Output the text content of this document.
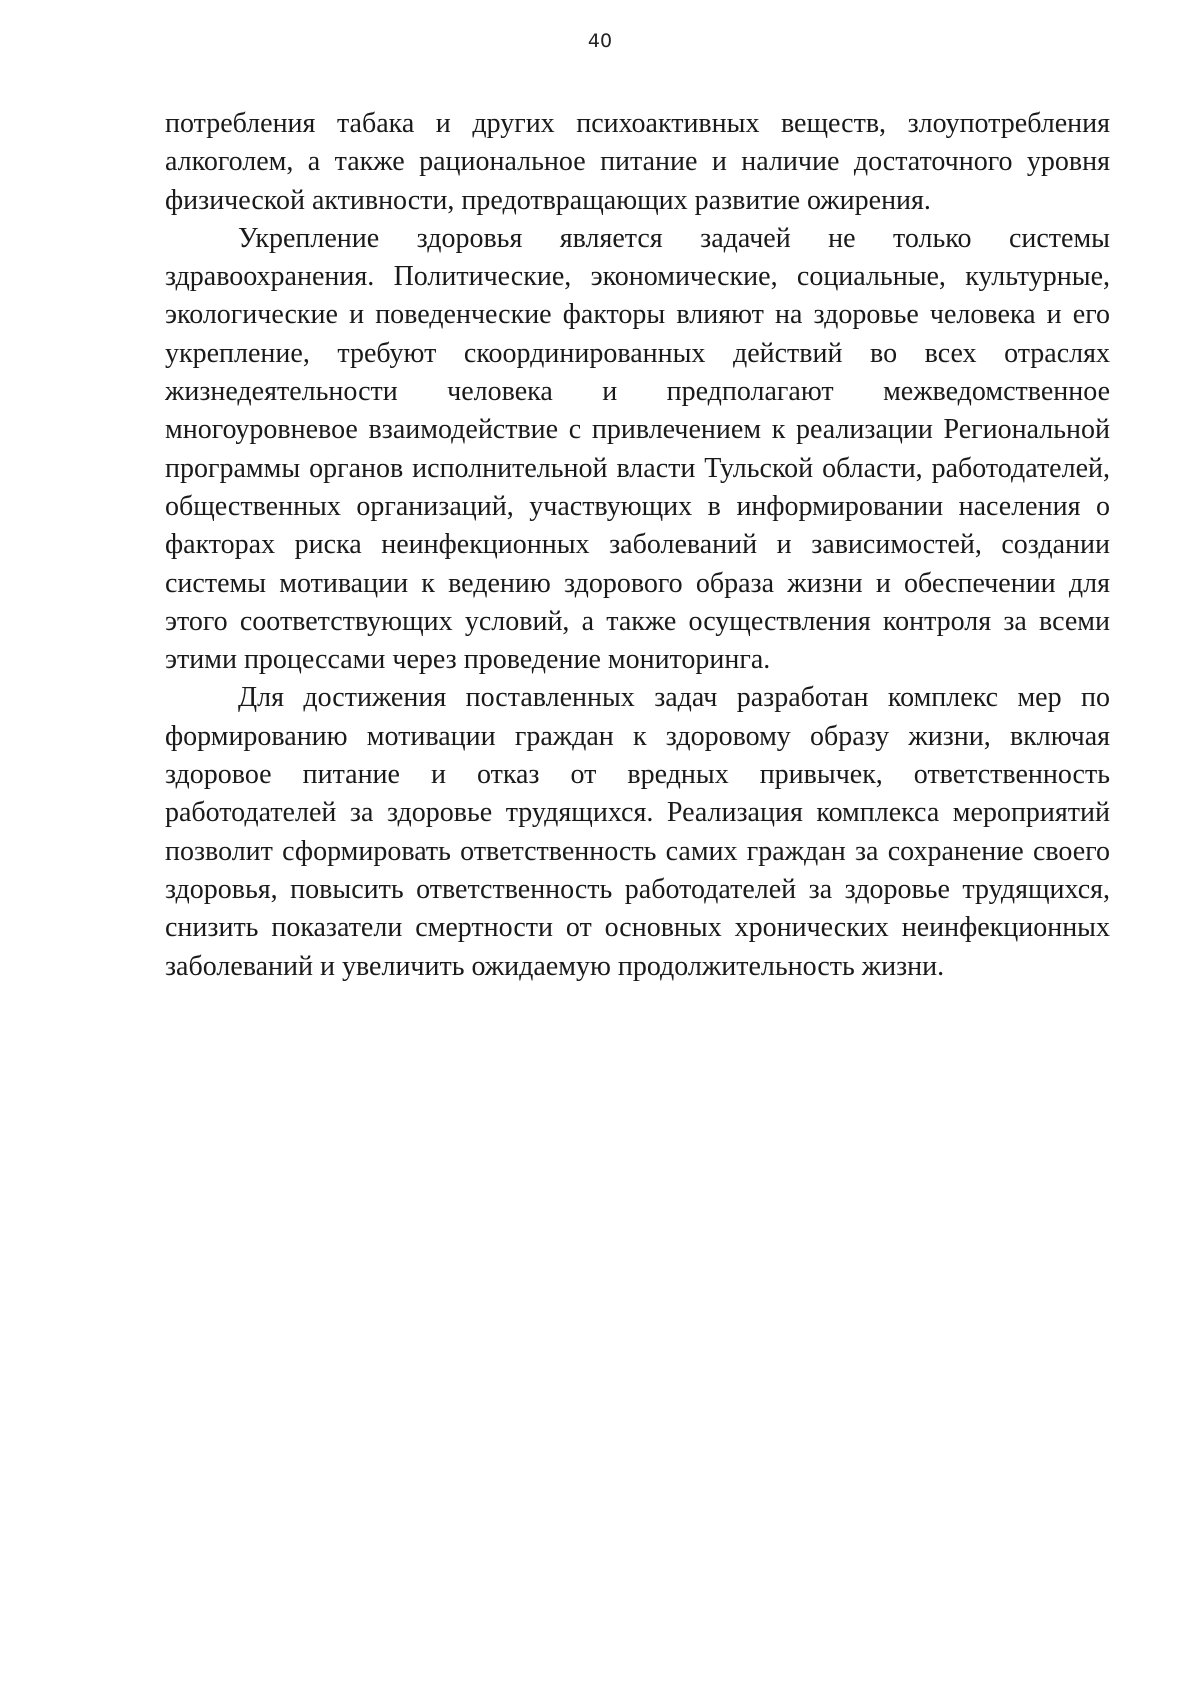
40

потребления табака и других психоактивных веществ, злоупотребления алкоголем, а также рациональное питание и наличие достаточного уровня физической активности, предотвращающих развитие ожирения.

Укрепление здоровья является задачей не только системы здравоохранения. Политические, экономические, социальные, культурные, экологические и поведенческие факторы влияют на здоровье человека и его укрепление, требуют скоординированных действий во всех отраслях жизнедеятельности человека и предполагают межведомственное многоуровневое взаимодействие с привлечением к реализации Региональной программы органов исполнительной власти Тульской области, работодателей, общественных организаций, участвующих в информировании населения о факторах риска неинфекционных заболеваний и зависимостей, создании системы мотивации к ведению здорового образа жизни и обеспечении для этого соответствующих условий, а также осуществления контроля за всеми этими процессами через проведение мониторинга.

Для достижения поставленных задач разработан комплекс мер по формированию мотивации граждан к здоровому образу жизни, включая здоровое питание и отказ от вредных привычек, ответственность работодателей за здоровье трудящихся. Реализация комплекса мероприятий позволит сформировать ответственность самих граждан за сохранение своего здоровья, повысить ответственность работодателей за здоровье трудящихся, снизить показатели смертности от основных хронических неинфекционных заболеваний и увеличить ожидаемую продолжительность жизни.
